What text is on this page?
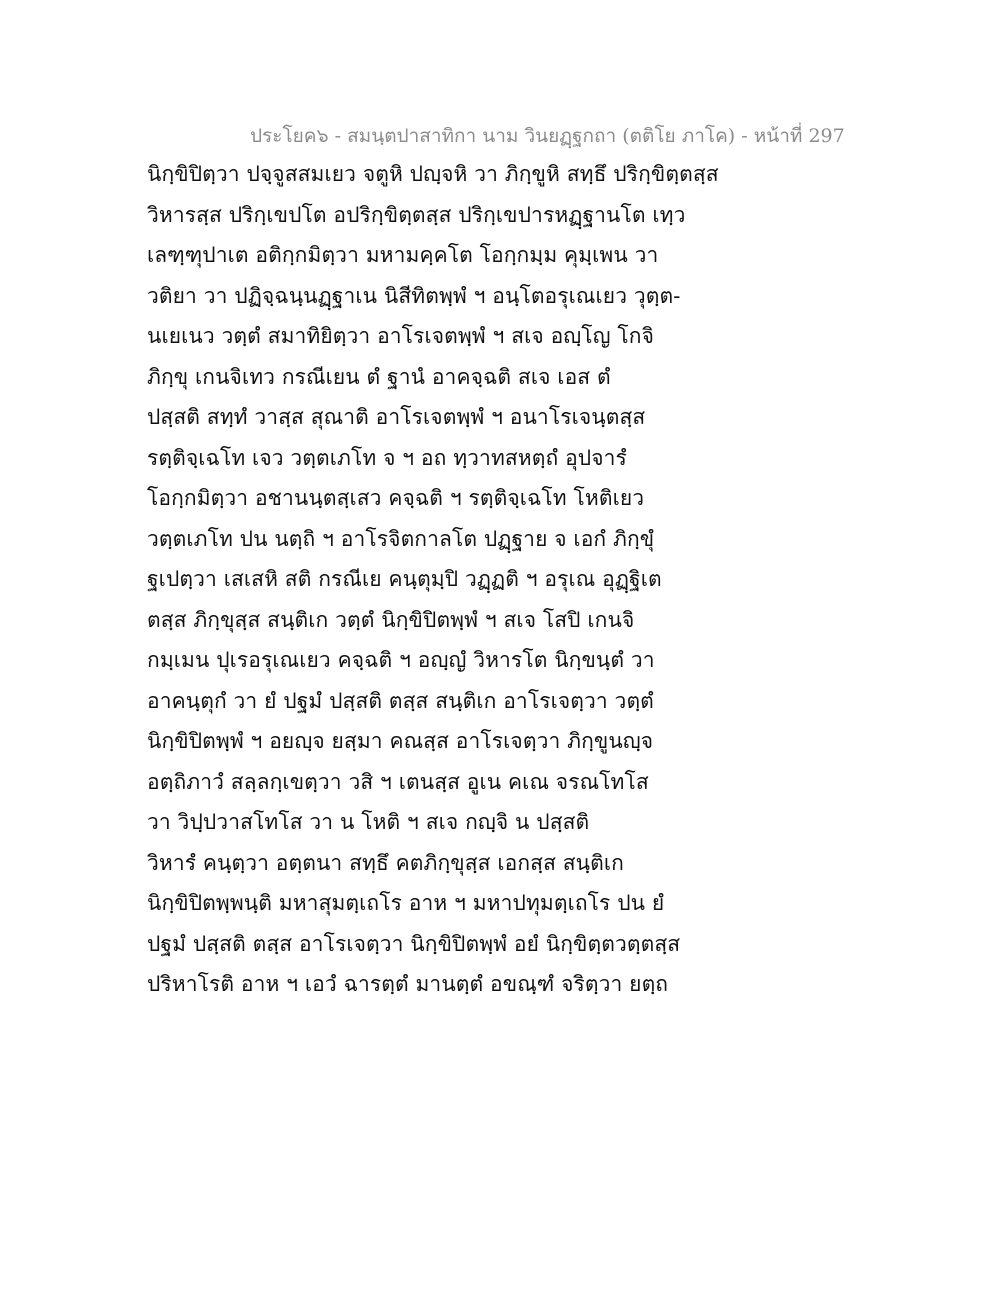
ประโยค๖ - สมนฺตปาสาทิกา นาม วินยฏฺฐกถา (ตติโย ภาโค) - หน้าที่ 297
นิกฺขิปิตฺวา ปจฺจูสสมเยว จตูหิ ปญฺจหิ วา ภิกฺขูหิ สทฺธึ ปริกฺขิตฺตสฺส
วิหารสฺส ปริกฺเขปโต อปริกฺขิตฺตสฺส ปริกฺเขปารหฏฺฐานโต เทฺว
เลฑฺฑุปาเต อติกฺกมิตฺวา มหามคฺคโต โอกฺกมฺม คุมฺเพน วา
วติยา วา ปฏิจฺฉนฺนฏฺฐาเน นิสีทิตพฺพํ ฯ อนฺโตอรุเณเยว วุตฺต-
นเยเนว วตฺตํ สมาทิยิตฺวา อาโรเจตพฺพํ ฯ สเจ อญฺโญ โกจิ
ภิกฺขุ เกนจิเทว กรณีเยน ตํ ฐานํ อาคจฺฉติ สเจ เอส ตํ
ปสฺสติ สทฺทํ วาสฺส สุณาติ อาโรเจตพฺพํ ฯ อนาโรเจนฺตสฺส
รตฺติจฺเฉโท เจว วตฺตเภโท จ ฯ อถ ทฺวาทสหตฺถํ อุปจารํ
โอกฺกมิตฺวา อชานนฺตสฺเสว คจฺฉติ ฯ รตฺติจฺเฉโท โหติเยว
วตฺตเภโท ปน นตฺถิ ฯ อาโรจิตกาลโต ปฏฺฐาย จ เอกํ ภิกฺขุํ
ฐเปตฺวา เสเสหิ สติ กรณีเย คนฺตุมฺปิ วฏฺฏติ ฯ อรุเณ อุฏฺฐิเต
ตสฺส ภิกฺขุสฺส สนฺติเก วตฺตํ นิกฺขิปิตพฺพํ ฯ สเจ โสปิ เกนจิ
กมฺเมน ปุเรอรุเณเยว คจฺฉติ ฯ อญฺญํ วิหารโต นิกฺขนฺตํ วา
อาคนฺตุกํ วา ยํ ปฐมํ ปสฺสติ ตสฺส สนฺติเก อาโรเจตฺวา วตฺตํ
นิกฺขิปิตพฺพํ ฯ อยญฺจ ยสฺมา คณสฺส อาโรเจตฺวา ภิกฺขูนญฺจ
อตฺถิภาวํ สลฺลกฺเขตฺวา วสิ ฯ เตนสฺส อูเน คเณ จรณโทโส
วา วิปฺปวาสโทโส วา น โหติ ฯ สเจ กญฺจิ น ปสฺสติ
วิหารํ คนฺตฺวา อตฺตนา สทฺธึ คตภิกฺขุสฺส เอกสฺส สนฺติเก
นิกฺขิปิตพฺพนฺติ มหาสุมตฺเถโร อาห ฯ มหาปทุมตฺเถโร ปน ยํ
ปฐมํ ปสฺสติ ตสฺส อาโรเจตฺวา นิกฺขิปิตพฺพํ อยํ นิกฺขิตฺตวตฺตสฺส
ปริหาโรติ อาห ฯ เอวํ ฉารตฺตํ มานตฺตํ อขณฺฑํ จริตฺวา ยตฺถ
